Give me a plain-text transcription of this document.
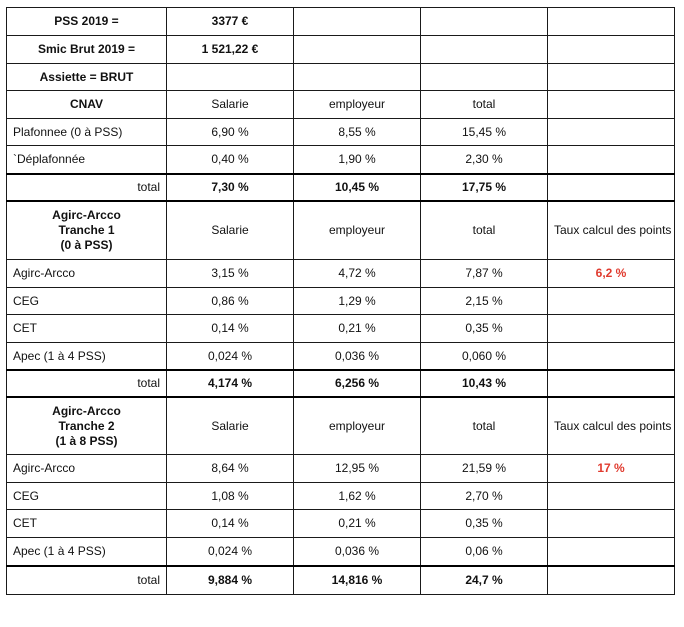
PSS 2019 =	3377 €			
Smic Brut 2019 =	1 521,22 €			
Assiette = BRUT				
CNAV	Salarie	employeur	total	
Plafonnee (0 à PSS)	6,90 %	8,55 %	15,45 %	
`Déplafonnée	0,40 %	1,90 %	2,30 %	
total	7,30 %	10,45 %	17,75 %	

Agirc-Arcco
Tranche 1
(0 à PSS)	Salarie	employeur	total	Taux calcul des points
Agirc-Arcco	3,15 %	4,72 %	7,87 %	6,2 %
CEG	0,86 %	1,29 %	2,15 %	
CET	0,14 %	0,21 %	0,35 %	
Apec (1 à 4 PSS)	0,024 %	0,036 %	0,060 %	
total	4,174 %	6,256 %	10,43 %	

Agirc-Arcco
Tranche 2
(1 à 8 PSS)	Salarie	employeur	total	Taux calcul des points
Agirc-Arcco	8,64 %	12,95 %	21,59 %	17 %
CEG	1,08 %	1,62 %	2,70 %	
CET	0,14 %	0,21 %	0,35 %	
Apec (1 à 4 PSS)	0,024 %	0,036 %	0,06 %	
total	9,884 %	14,816 %	24,7 %	
